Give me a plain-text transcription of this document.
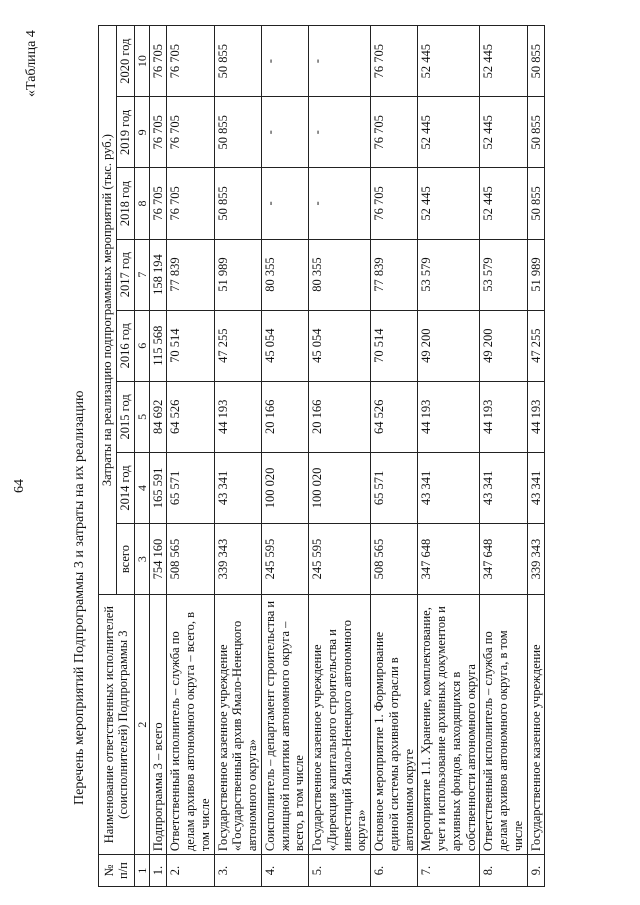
64
«Таблица 4
Перечень мероприятий Подпрограммы 3 и затраты на их реализацию
№ п/п	Наименование ответственных исполнителей (соисполнителей) Подпрограммы 3	Затраты на реализацию подпрограммных мероприятий (тыс. руб.)							
		всего	2014 год	2015 год	2016 год	2017 год	2018 год	2019 год	2020 год
1	2	3	4	5	6	7	8	9	10
1.	Подпрограмма 3 – всего	754 160	165 591	84 692	115 568	158 194	76 705	76 705	76 705
2.	Ответственный исполнитель – служба по делам архивов автономного округа – всего, в том числе	508 565	65 571	64 526	70 514	77 839	76 705	76 705	76 705
3.	Государственное казенное учреждение «Государственный архив Ямало-Ненецкого автономного округа»	339 343	43 341	44 193	47 255	51 989	50 855	50 855	50 855
4.	Соисполнитель – департамент строительства и жилищной политики автономного округа – всего, в том числе	245 595	100 020	20 166	45 054	80 355	-	-	-
5.	Государственное казенное учреждение «Дирекция капитального строительства и инвестиций Ямало-Ненецкого автономного округа»	245 595	100 020	20 166	45 054	80 355	-	-	-
6.	Основное мероприятие 1. Формирование единой системы архивной отрасли в автономном округе	508 565	65 571	64 526	70 514	77 839	76 705	76 705	76 705
7.	Мероприятие 1.1. Хранение, комплектование, учет и использование архивных документов и архивных фондов, находящихся в собственности автономного округа	347 648	43 341	44 193	49 200	53 579	52 445	52 445	52 445
8.	Ответственный исполнитель – служба по делам архивов автономного округа, в том числе	347 648	43 341	44 193	49 200	53 579	52 445	52 445	52 445
9.	Государственное казенное учреждение	339 343	43 341	44 193	47 255	51 989	50 855	50 855	50 855
